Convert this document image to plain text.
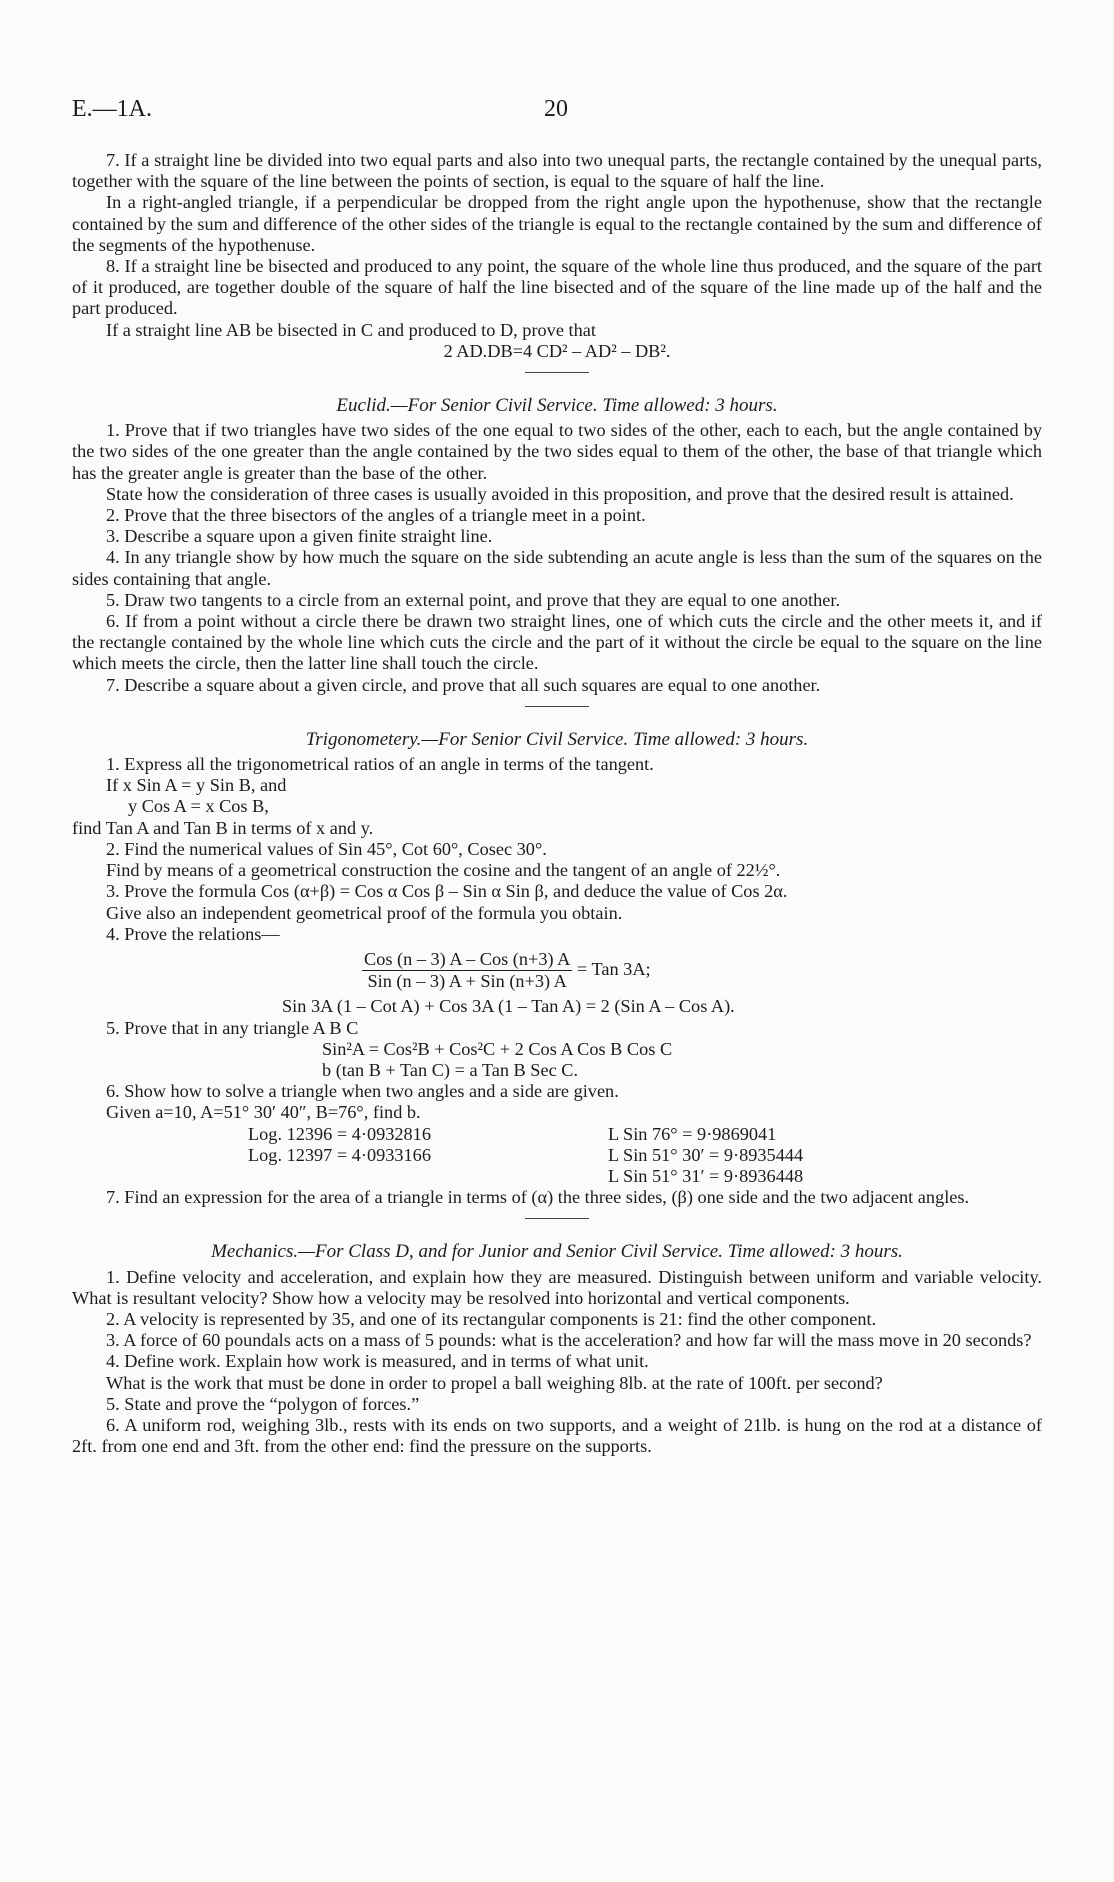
E.—1A.	20

7. If a straight line be divided into two equal parts and also into two unequal parts, the rectangle contained by the unequal parts, together with the square of the line between the points of section, is equal to the square of half the line.

In a right-angled triangle, if a perpendicular be dropped from the right angle upon the hypothenuse, show that the rectangle contained by the sum and difference of the other sides of the triangle is equal to the rectangle contained by the sum and difference of the segments of the hypothenuse.

8. If a straight line be bisected and produced to any point, the square of the whole line thus produced, and the square of the part of it produced, are together double of the square of half the line bisected and of the square of the line made up of the half and the part produced.

If a straight line AB be bisected in C and produced to D, prove that

2 AD.DB=4 CD² – AD² – DB².

Euclid.—For Senior Civil Service. Time allowed: 3 hours.

1. Prove that if two triangles have two sides of the one equal to two sides of the other, each to each, but the angle contained by the two sides of the one greater than the angle contained by the two sides equal to them of the other, the base of that triangle which has the greater angle is greater than the base of the other.

State how the consideration of three cases is usually avoided in this proposition, and prove that the desired result is attained.

2. Prove that the three bisectors of the angles of a triangle meet in a point.

3. Describe a square upon a given finite straight line.

4. In any triangle show by how much the square on the side subtending an acute angle is less than the sum of the squares on the sides containing that angle.

5. Draw two tangents to a circle from an external point, and prove that they are equal to one another.

6. If from a point without a circle there be drawn two straight lines, one of which cuts the circle and the other meets it, and if the rectangle contained by the whole line which cuts the circle and the part of it without the circle be equal to the square on the line which meets the circle, then the latter line shall touch the circle.

7. Describe a square about a given circle, and prove that all such squares are equal to one another.

Trigonometery.—For Senior Civil Service. Time allowed: 3 hours.

1. Express all the trigonometrical ratios of an angle in terms of the tangent.

If x Sin A = y Sin B, and

y Cos A = x Cos B,

find Tan A and Tan B in terms of x and y.

2. Find the numerical values of Sin 45°, Cot 60°, Cosec 30°.

Find by means of a geometrical construction the cosine and the tangent of an angle of 22½°.

3. Prove the formula Cos (α+β) = Cos α Cos β – Sin α Sin β, and deduce the value of Cos 2α.

Give also an independent geometrical proof of the formula you obtain.

4. Prove the relations—

$\frac{\text{Cos (n – 3) A – Cos (n+3) A}}{\text{Sin (n – 3) A + Sin (n+3) A}}$ = Tan 3A;

Sin 3A (1 – Cot A) + Cos 3A (1 – Tan A) = 2 (Sin A – Cos A).

5. Prove that in any triangle A B C

Sin²A = Cos²B + Cos²C + 2 Cos A Cos B Cos C

b (tan B + Tan C) = a Tan B Sec C.

6. Show how to solve a triangle when two angles and a side are given.

Given a=10, A=51° 30′ 40″, B=76°, find b.

Log. 12396 = 4·0932816
Log. 12397 = 4·0933166
L Sin 76° = 9·9869041
L Sin 51° 30′ = 9·8935444
L Sin 51° 31′ = 9·8936448

7. Find an expression for the area of a triangle in terms of (α) the three sides, (β) one side and the two adjacent angles.

Mechanics.—For Class D, and for Junior and Senior Civil Service. Time allowed: 3 hours.

1. Define velocity and acceleration, and explain how they are measured. Distinguish between uniform and variable velocity. What is resultant velocity? Show how a velocity may be resolved into horizontal and vertical components.

2. A velocity is represented by 35, and one of its rectangular components is 21: find the other component.

3. A force of 60 poundals acts on a mass of 5 pounds: what is the acceleration? and how far will the mass move in 20 seconds?

4. Define work. Explain how work is measured, and in terms of what unit.

What is the work that must be done in order to propel a ball weighing 8lb. at the rate of 100ft. per second?

5. State and prove the “polygon of forces.”

6. A uniform rod, weighing 3lb., rests with its ends on two supports, and a weight of 21lb. is hung on the rod at a distance of 2ft. from one end and 3ft. from the other end: find the pressure on the supports.
